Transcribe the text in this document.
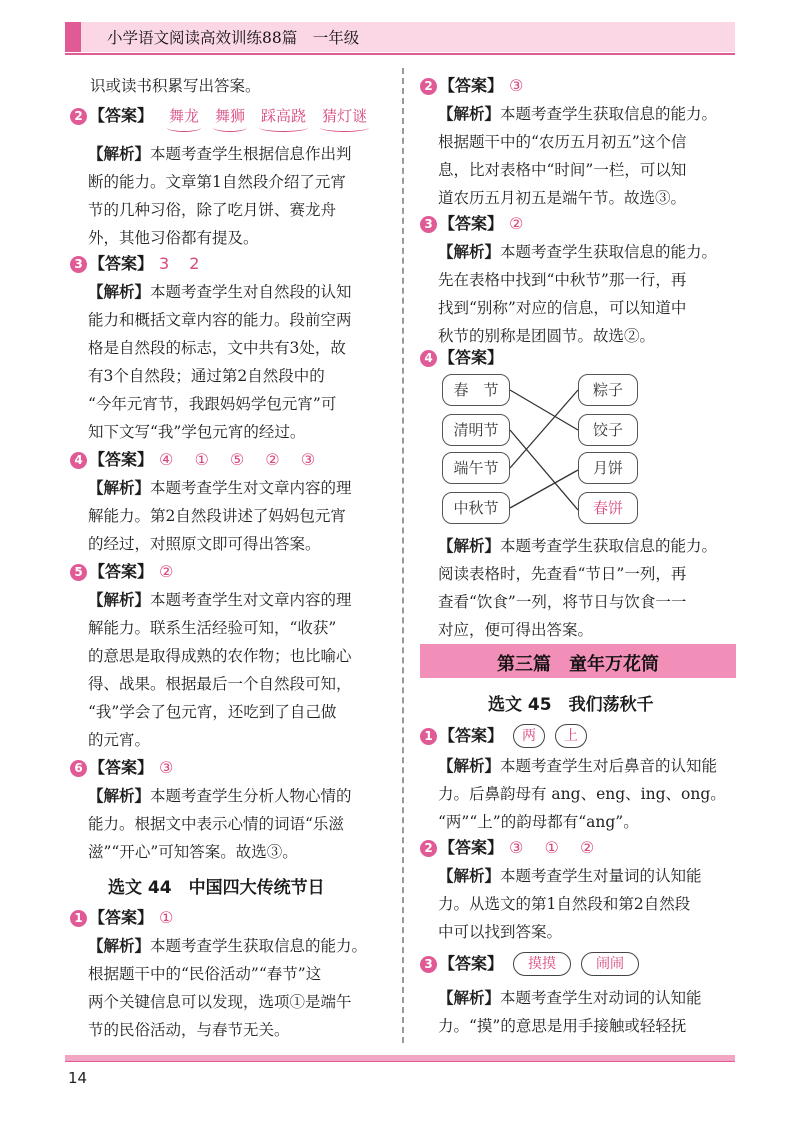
小学语文阅读高效训练88篇　一年级
识或读书积累写出答案。
2 【答案】 舞龙 舞狮 踩高跷 猜灯谜
【解析】本题考查学生根据信息作出判
断的能力。文章第1自然段介绍了元宵
节的几种习俗，除了吃月饼、赛龙舟
外，其他习俗都有提及。
3 【答案】 3　2
【解析】本题考查学生对自然段的认知
能力和概括文章内容的能力。段前空两
格是自然段的标志，文中共有3处，故
有3个自然段；通过第2自然段中的
“今年元宵节，我跟妈妈学包元宵”可
知下文写“我”学包元宵的经过。
4 【答案】 ④ ① ⑤ ② ③
【解析】本题考查学生对文章内容的理
解能力。第2自然段讲述了妈妈包元宵
的经过，对照原文即可得出答案。
5 【答案】 ②
【解析】本题考查学生对文章内容的理
解能力。联系生活经验可知，“收获”
的意思是取得成熟的农作物；也比喻心
得、战果。根据最后一个自然段可知，
“我”学会了包元宵，还吃到了自己做
的元宵。
6 【答案】 ③
【解析】本题考查学生分析人物心情的
能力。根据文中表示心情的词语“乐滋
滋”“开心”可知答案。故选③。
选文 44　中国四大传统节日
1 【答案】 ①
【解析】本题考查学生获取信息的能力。
根据题干中的“民俗活动”“春节”这
两个关键信息可以发现，选项①是端午
节的民俗活动，与春节无关。
2 【答案】 ③
【解析】本题考查学生获取信息的能力。
根据题干中的“农历五月初五”这个信
息，比对表格中“时间”一栏，可以知
道农历五月初五是端午节。故选③。
3 【答案】 ②
【解析】本题考查学生获取信息的能力。
先在表格中找到“中秋节”那一行，再
找到“别称”对应的信息，可以知道中
秋节的别称是团圆节。故选②。
4 【答案】
春　节
清明节
端午节
中秋节
粽子
饺子
月饼
春饼
【解析】本题考查学生获取信息的能力。
阅读表格时，先查看“节日”一列，再
查看“饮食”一列，将节日与饮食一一
对应，便可得出答案。
第三篇　童年万花筒
选文 45　我们荡秋千
1 【答案】	两	上
【解析】本题考查学生对后鼻音的认知能
力。后鼻韵母有 ang、eng、ing、ong。
“两”“上”的韵母都有“ang”。
2 【答案】 ③ ① ②
【解析】本题考查学生对量词的认知能
力。从选文的第1自然段和第2自然段
中可以找到答案。
3 【答案】	摸摸	闹闹
【解析】本题考查学生对动词的认知能
力。“摸”的意思是用手接触或轻轻抚
14
